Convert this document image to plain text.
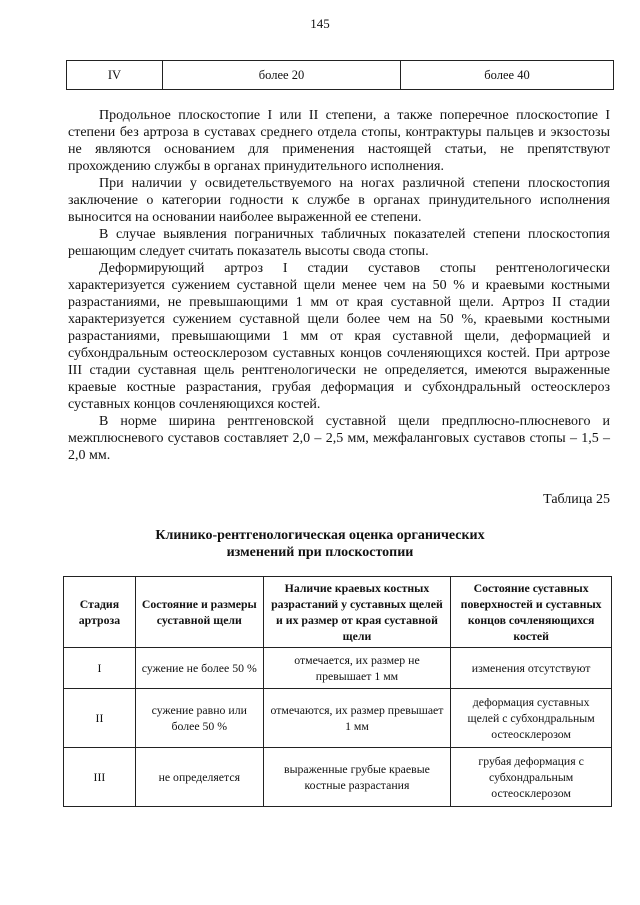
145
IV	более 20	более 40

Продольное плоскостопие I или II степени, а также поперечное плоскостопие I степени без артроза в суставах среднего отдела стопы, контрактуры пальцев и экзостозы не являются основанием для применения настоящей статьи, не препятствуют прохождению службы в органах принудительного исполнения.

При наличии у освидетельствуемого на ногах различной степени плоскостопия заключение о категории годности к службе в органах принудительного исполнения выносится на основании наиболее выраженной ее степени.

В случае выявления пограничных табличных показателей степени плоскостопия решающим следует считать показатель высоты свода стопы.

Деформирующий артроз I стадии суставов стопы рентгенологически характеризуется сужением суставной щели менее чем на 50 % и краевыми костными разрастаниями, не превышающими 1 мм от края суставной щели. Артроз II стадии характеризуется сужением суставной щели более чем на 50 %, краевыми костными разрастаниями, превышающими 1 мм от края суставной щели, деформацией и субхондральным остеосклерозом суставных концов сочленяющихся костей. При артрозе III стадии суставная щель рентгенологически не определяется, имеются выраженные краевые костные разрастания, грубая деформация и субхондральный остеосклероз суставных концов сочленяющихся костей.

В норме ширина рентгеновской суставной щели предплюсно-плюсневого и межплюсневого суставов составляет 2,0 – 2,5 мм, межфаланговых суставов стопы – 1,5 – 2,0 мм.

Таблица 25
Клинико-рентгенологическая оценка органических
изменений при плоскостопии
Стадия артроза	Состояние и размеры суставной щели	Наличие краевых костных разрастаний у суставных щелей и их размер от края суставной щели	Состояние суставных поверхностей и суставных концов сочленяющихся костей
I	сужение не более 50 %	отмечается, их размер не превышает 1 мм	изменения отсутствуют
II	сужение равно или более 50 %	отмечаются, их размер превышает 1 мм	деформация суставных щелей с субхондральным остеосклерозом
III	не определяется	выраженные грубые краевые костные разрастания	грубая деформация с субхондральным остеосклерозом
